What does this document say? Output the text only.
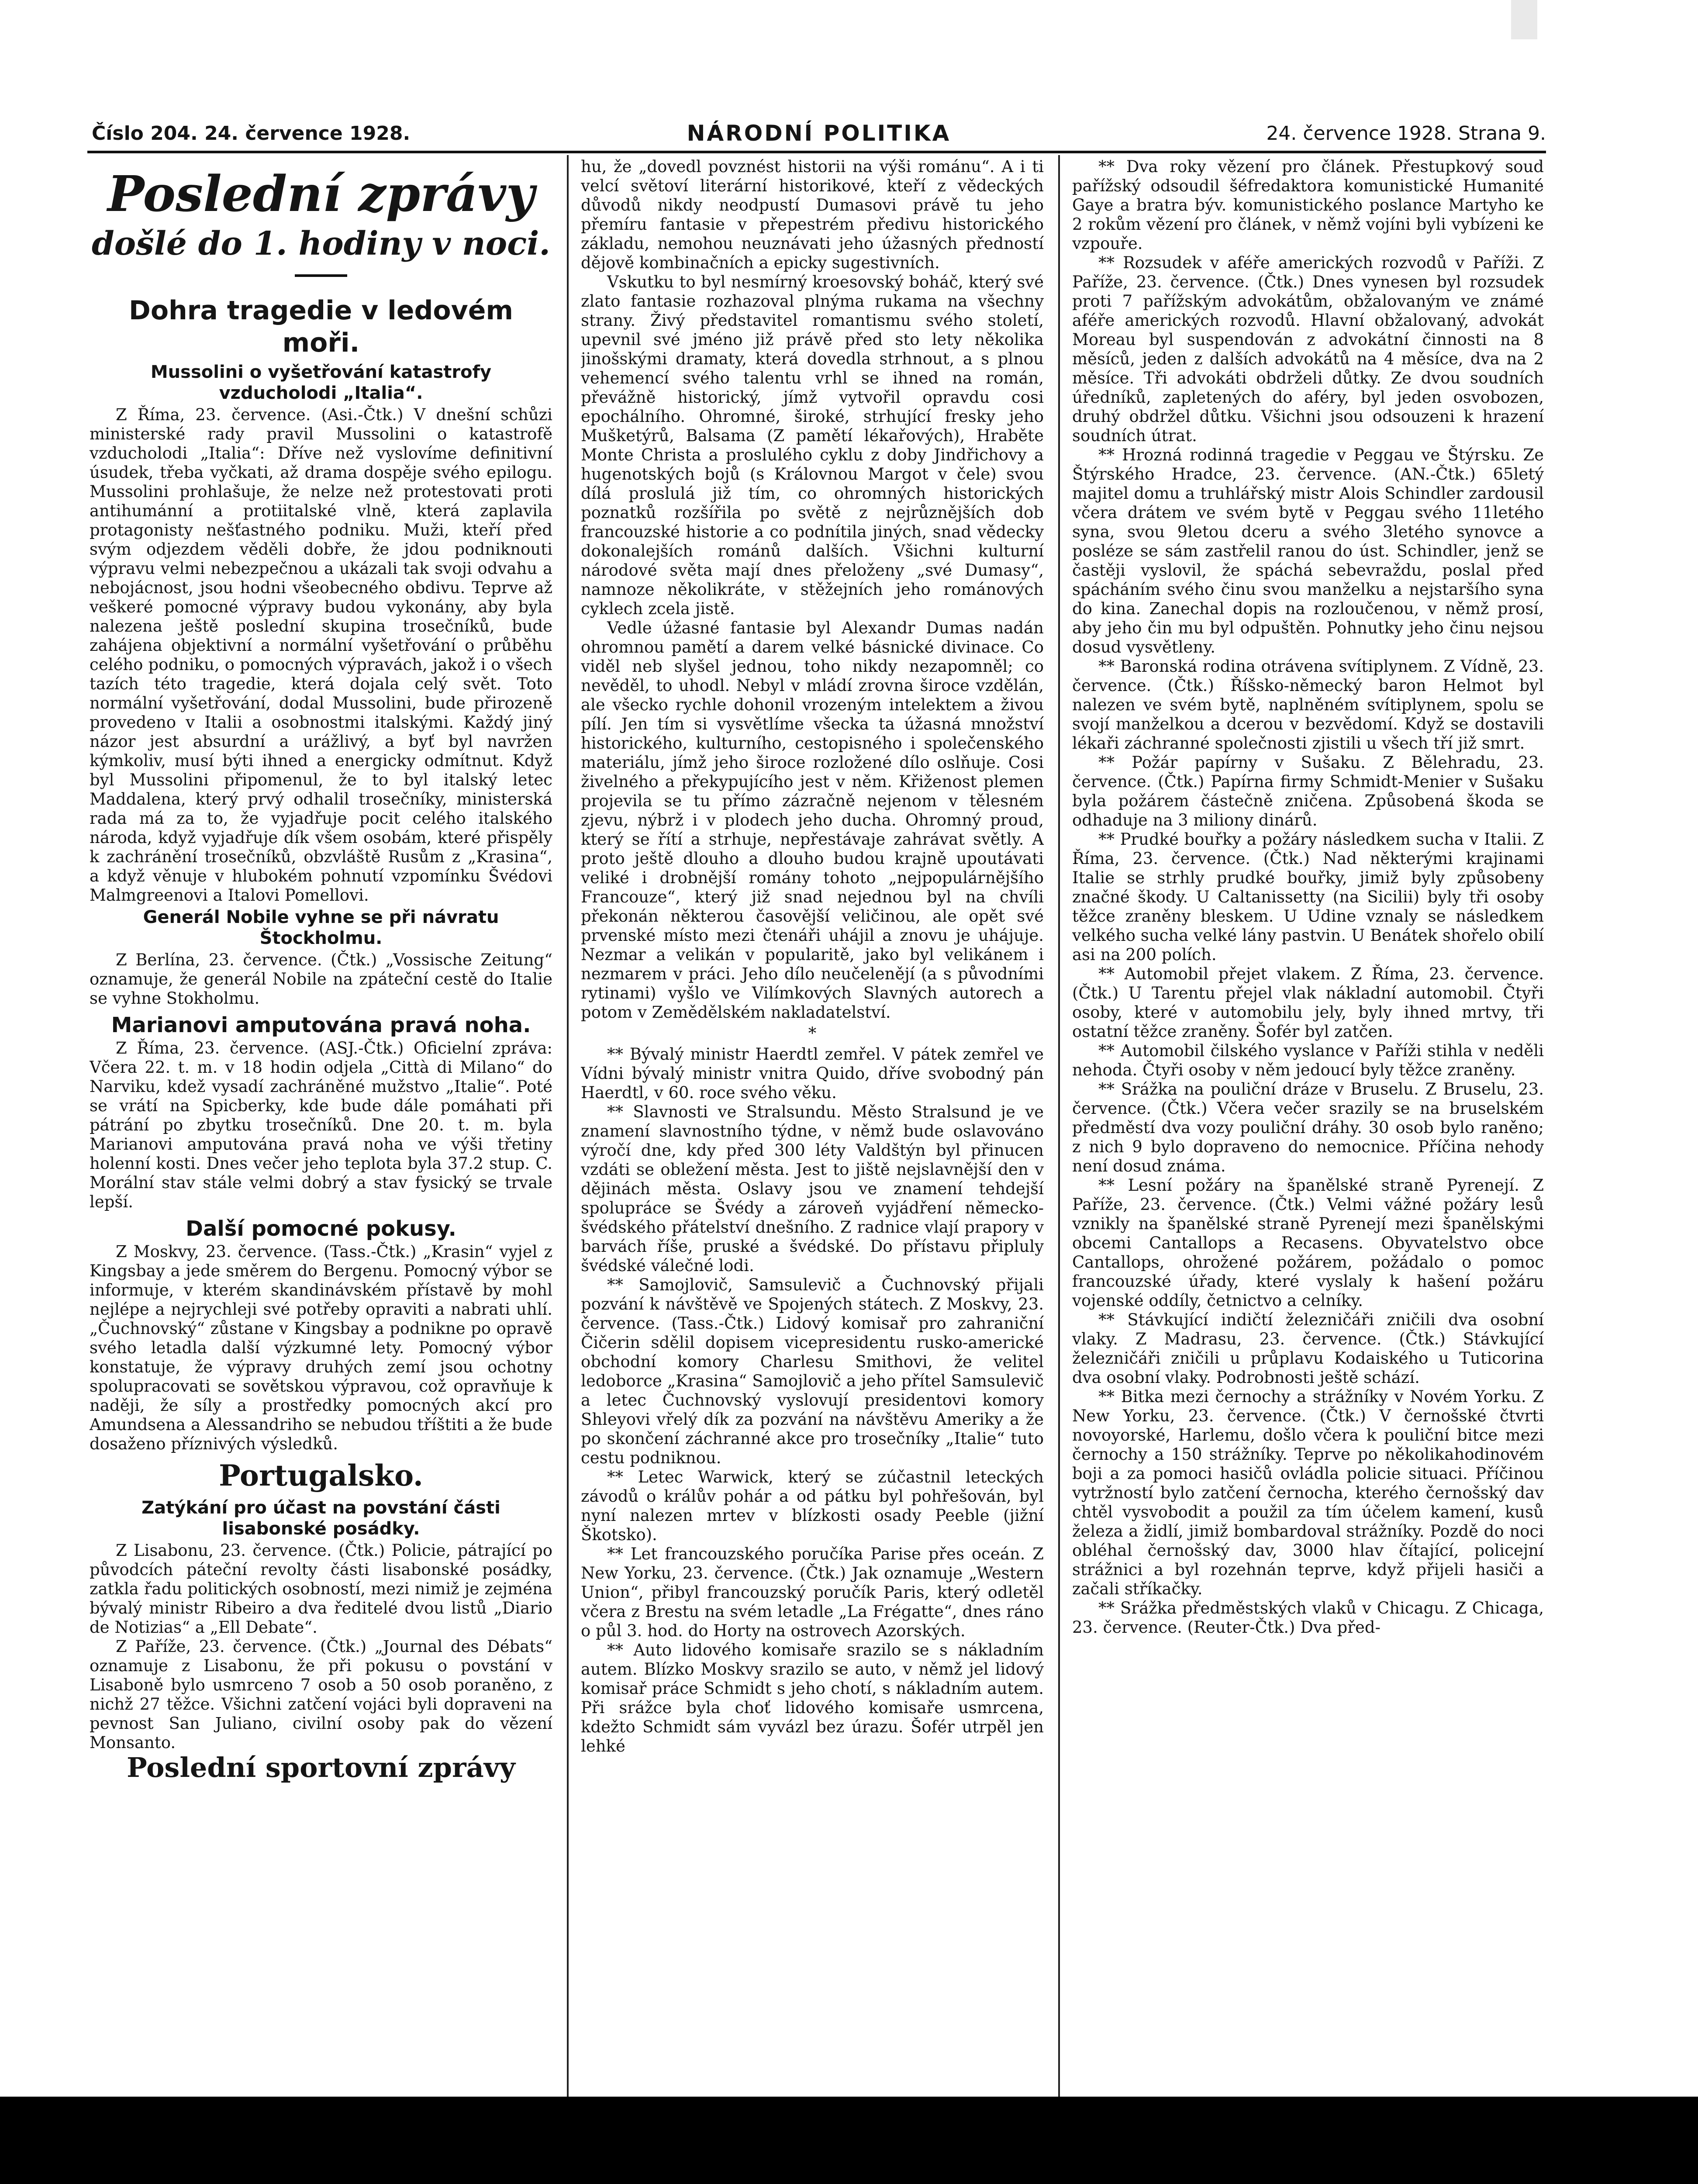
Číslo 204. 24. července 1928.	NÁRODNÍ POLITIKA	24. července 1928. Strana 9.
Poslední zprávy
došlé do 1. hodiny v noci.
Dohra tragedie v ledovém moři.
Mussolini o vyšetřování katastrofy vzducholodi „Italia“.

Z Říma, 23. července. (Asi.-Čtk.) V dnešní schůzi ministerské rady pravil Mussolini o katastrofě vzducholodi „Italia“: Dříve než vyslovíme definitivní úsudek, třeba vyčkati, až drama dospěje svého epilogu. Mussolini prohlašuje, že nelze než protestovati proti antihumánní a protiitalské vlně, která zaplavila protagonisty nešťastného podniku. Muži, kteří před svým odjezdem věděli dobře, že jdou podniknouti výpravu velmi nebezpečnou a ukázali tak svoji odvahu a nebojácnost, jsou hodni všeobecného obdivu. Teprve až veškeré pomocné výpravy budou vykonány, aby byla nalezena ještě poslední skupina trosečníků, bude zahájena objektivní a normální vyšetřování o průběhu celého podniku, o pomocných výpravách, jakož i o všech tazích této tragedie, která dojala celý svět. Toto normální vyšetřování, dodal Mussolini, bude přirozeně provedeno v Italii a osobnostmi italskými. Každý jiný názor jest absurdní a urážlivý, a byť byl navržen kýmkoliv, musí býti ihned a energicky odmítnut. Když byl Mussolini připomenul, že to byl italský letec Maddalena, který prvý odhalil trosečníky, ministerská rada má za to, že vyjadřuje pocit celého italského národa, když vyjadřuje dík všem osobám, které přispěly k zachránění trosečníků, obzvláště Rusům z „Krasina“, a když věnuje v hlubokém pohnutí vzpomínku Švédovi Malmgreenovi a Italovi Pomellovi.

Generál Nobile vyhne se při návratu Štockholmu.

Z Berlína, 23. července. (Čtk.) „Vossische Zeitung“ oznamuje, že generál Nobile na zpáteční cestě do Italie se vyhne Stokholmu.

Marianovi amputována pravá noha.

Z Říma, 23. července. (ASJ.-Čtk.) Oficielní zpráva: Včera 22. t. m. v 18 hodin odjela „Città di Milano“ do Narviku, kdež vysadí zachráněné mužstvo „Italie“. Poté se vrátí na Spicberky, kde bude dále pomáhati při pátrání po zbytku trosečníků. Dne 20. t. m. byla Marianovi amputována pravá noha ve výši třetiny holenní kosti. Dnes večer jeho teplota byla 37.2 stup. C. Morální stav stále velmi dobrý a stav fysický se trvale lepší.

Další pomocné pokusy.

Z Moskvy, 23. července. (Tass.-Čtk.) „Krasin“ vyjel z Kingsbay a jede směrem do Bergenu. Pomocný výbor se informuje, v kterém skandinávském přístavě by mohl nejlépe a nejrychleji své potřeby opraviti a nabrati uhlí. „Čuchnovský“ zůstane v Kingsbay a podnikne po opravě svého letadla další výzkumné lety. Pomocný výbor konstatuje, že výpravy druhých zemí jsou ochotny spolupracovati se sovětskou výpravou, což opravňuje k naději, že síly a prostředky pomocných akcí pro Amundsena a Alessandrihо se nebudou tříštiti a že bude dosaženo příznivých výsledků.

Portugalsko.
Zatýkání pro účast na povstání části lisabonské posádky.

Z Lisabonu, 23. července. (Čtk.) Policie, pátrající po původcích páteční revolty části lisabonské posádky, zatkla řadu politických osobností, mezi nimiž je zejména bývalý ministr Ribeiro a dva ředitelé dvou listů „Diario de Notizias“ a „Ell Debate“.

Z Paříže, 23. července. (Čtk.) „Journal des Débats“ oznamuje z Lisabonu, že při pokusu o povstání v Lisaboně bylo usmrceno 7 osob a 50 osob poraněno, z nichž 27 těžce. Všichni zatčení vojáci byli dopraveni na pevnost San Juliano, civilní osoby pak do vězení Monsanto.

Poslední sportovní zprávy

hu, že „dovedl povznést historii na výši románu“. A i ti velcí světoví literární historikové, kteří z vědeckých důvodů nikdy neodpustí Dumasovi právě tu jeho přemíru fantasie v přepestrém předivu historického základu, nemohou neuznávati jeho úžasných předností dějově kombinačních a epicky sugestivních.

Vskutku to byl nesmírný kroesovský boháč, který své zlato fantasie rozhazoval plnýma rukama na všechny strany. Živý představitel romantismu svého století, upevnil své jméno již právě před sto lety několika jinošskými dramaty, která dovedla strhnout, a s plnou vehemencí svého talentu vrhl se ihned na román, převážně historický, jímž vytvořil opravdu cosi epochálního. Ohromné, široké, strhující fresky jeho Mušketýrů, Balsama (Z pamětí lékařových), Hraběte Monte Christa a proslulého cyklu z doby Jindřichovy a hugenotských bojů (s Královnou Margot v čele) svou dílá proslulá již tím, co ohromných historických poznatků rozšířila po světě z nejrůznějších dob francouzské historie a co podnítila jiných, snad vědecky dokonalejších románů dalších. Všichni kulturní národové světa mají dnes přeloženy „své Dumasy“, namnoze několikráte, v stěžejních jeho románových cyklech zcela jistě.

Vedle úžasné fantasie byl Alexandr Dumas nadán ohromnou pamětí a darem velké básnické divinace. Co viděl neb slyšel jednou, toho nikdy nezapomněl; co nevěděl, to uhodl. Nebyl v mládí zrovna široce vzdělán, ale všecko rychle dohonil vrozeným intelektem a živou pílí. Jen tím si vysvětlíme všecka ta úžasná množství historického, kulturního, cestopisného i společenského materiálu, jímž jeho široce rozložené dílo oslňuje. Cosi živelného a překypujícího jest v něm. Křiženost plemen projevila se tu přímo zázračně nejenom v tělesném zjevu, nýbrž i v plodech jeho ducha. Ohromný proud, který se řítí a strhuje, nepřestávaje zahrávat světly. A proto ještě dlouho a dlouho budou krajně upoutávati veliké i drobnější romány tohoto „nejpopulárnějšího Francouze“, který již snad nejednou byl na chvíli překonán některou časovější veličinou, ale opět své prvenské místo mezi čtenáři uhájil a znovu je uhájuje. Nezmar a velikán v popularitě, jako byl velikánem i nezmarem v práci. Jeho dílo neučelenějí (a s původními rytinami) vyšlo ve Vilímkových Slavných autorech a potom v Zemědělském nakladatelství.

*

** Bývalý ministr Haerdtl zemřel. V pátek zemřel ve Vídni bývalý ministr vnitra Quido, dříve svobodný pán Haerdtl, v 60. roce svého věku.

** Slavnosti ve Stralsundu. Město Stralsund je ve znamení slavnostního týdne, v němž bude oslavováno výročí dne, kdy před 300 léty Valdštýn byl přinucen vzdáti se obležení města. Jest to jiště nejslavnější den v dějinách města. Oslavy jsou ve znamení tehdejší spolupráce se Švédy a zároveň vyjádření německo-švédského přátelství dnešního. Z radnice vlají prapory v barvách říše, pruské a švédské. Do přístavu připluly švédské válečné lodi.

** Samojlovič, Samsulevič a Čuchnovský přijali pozvání k návštěvě ve Spojených státech. Z Moskvy, 23. července. (Tass.-Čtk.) Lidový komisař pro zahraniční Čičerin sdělil dopisem vicepresidentu rusko-americké obchodní komory Charlesu Smithovi, že velitel ledoborce „Krasina“ Samojlovič a jeho přítel Samsulevič a letec Čuchnovský vyslovují presidentovi komory Shleyovi vřelý dík za pozvání na návštěvu Ameriky a že po skončení záchranné akce pro trosečníky „Italie“ tuto cestu podniknou.

** Letec Warwick, který se zúčastnil leteckých závodů o králův pohár a od pátku byl pohřešován, byl nyní nalezen mrtev v blízkosti osady Peeble (jižní Škotsko).

** Let francouzského poručíka Parise přes oceán. Z New Yorku, 23. července. (Čtk.) Jak oznamuje „Western Union“, přibyl francouzský poručík Paris, který odletěl včera z Brestu na svém letadle „La Frégatte“, dnes ráno o půl 3. hod. do Horty na ostrovech Azorských.

** Auto lidového komisaře srazilo se s nákladním autem. Blízko Moskvy srazilo se auto, v němž jel lidový komisař práce Schmidt s jeho chotí, s nákladním autem. Při srážce byla choť lidového komisaře usmrcena, kdežto Schmidt sám vyvázl bez úrazu. Šofér utrpěl jen lehké

** Dva roky vězení pro článek. Přestupkový soud pařížský odsoudil šéfredaktora komunistické Humanité Gaye a bratra býv. komunistického poslance Martyho ke 2 rokům vězení pro článek, v němž vojíni byli vybízeni ke vzpouře.

** Rozsudek v aféře amerických rozvodů v Paříži. Z Paříže, 23. července. (Čtk.) Dnes vynesen byl rozsudek proti 7 pařížským advokátům, obžalovaným ve známé aféře amerických rozvodů. Hlavní obžalovaný, advokát Moreau byl suspendován z advokátní činnosti na 8 měsíců, jeden z dalších advokátů na 4 měsíce, dva na 2 měsíce. Tři advokáti obdrželi důtky. Ze dvou soudních úředníků, zapletených do aféry, byl jeden osvobozen, druhý obdržel důtku. Všichni jsou odsouzeni k hrazení soudních útrat.

** Hrozná rodinná tragedie v Peggau ve Štýrsku. Ze Štýrského Hradce, 23. července. (AN.-Čtk.) 65letý majitel domu a truhlářský mistr Alois Schindler zardousil včera drátem ve svém bytě v Peggau svého 11letého syna, svou 9letou dceru a svého 3letého synovce a posléze se sám zastřelil ranou do úst. Schindler, jenž se častěji vyslovil, že spáchá sebevraždu, poslal před spácháním svého činu svou manželku a nejstaršího syna do kina. Zanechal dopis na rozloučenou, v němž prosí, aby jeho čin mu byl odpuštěn. Pohnutky jeho činu nejsou dosud vysvětleny.

** Baronská rodina otrávena svítiplynem. Z Vídně, 23. července. (Čtk.) Říšsko-německý baron Helmot byl nalezen ve svém bytě, naplněném svítiplynem, spolu se svojí manželkou a dcerou v bezvědomí. Když se dostavili lékaři záchranné společnosti zjistili u všech tří již smrt.

** Požár papírny v Sušaku. Z Bělehradu, 23. července. (Čtk.) Papírna firmy Schmidt-Menier v Sušaku byla požárem částečně zničena. Způsobená škoda se odhaduje na 3 miliony dinárů.

** Prudké bouřky a požáry následkem sucha v Italii. Z Říma, 23. července. (Čtk.) Nad některými krajinami Italie se strhly prudké bouřky, jimiž byly způsobeny značné škody. U Caltanissetty (na Sicilii) byly tři osoby těžce zraněny bleskem. U Udine vznaly se následkem velkého sucha velké lány pastvin. U Benátek shořelo obilí asi na 200 polích.

** Automobil přejet vlakem. Z Říma, 23. července. (Čtk.) U Tarentu přejel vlak nákladní automobil. Čtyři osoby, které v automobilu jely, byly ihned mrtvy, tři ostatní těžce zraněny. Šofér byl zatčen.

** Automobil čilského vyslance v Paříži stihla v neděli nehoda. Čtyři osoby v něm jedoucí byly těžce zraněny.

** Srážka na pouliční dráze v Bruselu. Z Bruselu, 23. července. (Čtk.) Včera večer srazily se na bruselském předměstí dva vozy pouliční dráhy. 30 osob bylo raněno; z nich 9 bylo dopraveno do nemocnice. Příčina nehody není dosud známa.

** Lesní požáry na španělské straně Pyrenejí. Z Paříže, 23. července. (Čtk.) Velmi vážné požáry lesů vznikly na španělské straně Pyrenejí mezi španělskými obcemi Cantallops a Recasens. Obyvatelstvo obce Cantallops, ohrožené požárem, požádalo o pomoc francouzské úřady, které vyslaly k hašení požáru vojenské oddíly, četnictvo a celníky.

** Stávkující indičtí železničáři zničili dva osobní vlaky. Z Madrasu, 23. července. (Čtk.) Stávkující železničáři zničili u průplavu Kodaiského u Tuticorina dva osobní vlaky. Podrobnosti ještě schází.

** Bitka mezi černochy a strážníky v Novém Yorku. Z New Yorku, 23. července. (Čtk.) V černošské čtvrti novoyorské, Harlemu, došlo včera k pouliční bitce mezi černochy a 150 strážníky. Teprve po několikahodinovém boji a za pomoci hasičů ovládla policie situaci. Příčinou vytržností bylo zatčení černocha, kterého černošský dav chtěl vysvobodit a použil za tím účelem kamení, kusů železa a židlí, jimiž bombardoval strážníky. Pozdě do noci obléhal černošský dav, 3000 hlav čítající, policejní strážnici a byl rozehnán teprve, když přijeli hasiči a začali stříkačky.

** Srážka předměstských vlaků v Chicagu. Z Chicaga, 23. července. (Reuter-Čtk.) Dva před-
